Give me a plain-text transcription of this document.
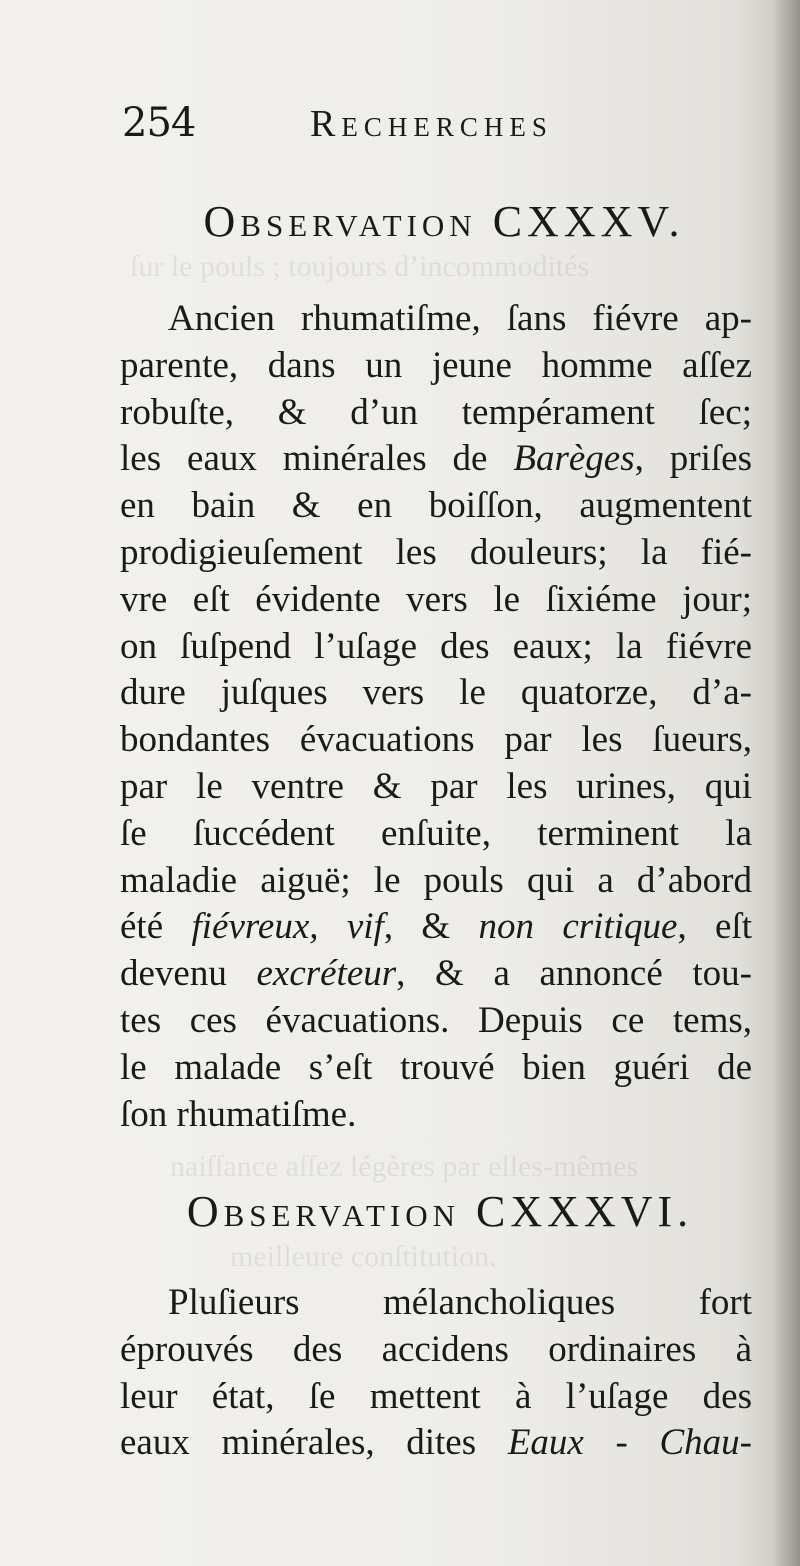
ſur le pouls ; toujours d’incommodités
naiſſance aſſez légères par elles-mêmes
meilleure conſtitution.
254	Recherches
Observation CXXXV.
Ancien rhumatiſme, ſans fiévre ap-
parente, dans un jeune homme aſſez
robuſte, & d’un tempérament ſec;
les eaux minérales de Barèges, priſes
en bain & en boiſſon, augmentent
prodigieuſement les douleurs; la fié-
vre eſt évidente vers le ſixiéme jour;
on ſuſpend l’uſage des eaux; la fiévre
dure juſques vers le quatorze, d’a-
bondantes évacuations par les ſueurs,
par le ventre & par les urines, qui
ſe ſuccédent enſuite, terminent la
maladie aiguë; le pouls qui a d’abord
été fiévreux, vif, & non critique, eſt
devenu excréteur, & a annoncé tou-
tes ces évacuations. Depuis ce tems,
le malade s’eſt trouvé bien guéri de
ſon rhumatiſme.
Observation CXXXVI.
Pluſieurs mélancholiques fort
éprouvés des accidens ordinaires à
leur état, ſe mettent à l’uſage des
eaux minérales, dites Eaux - Chau-
